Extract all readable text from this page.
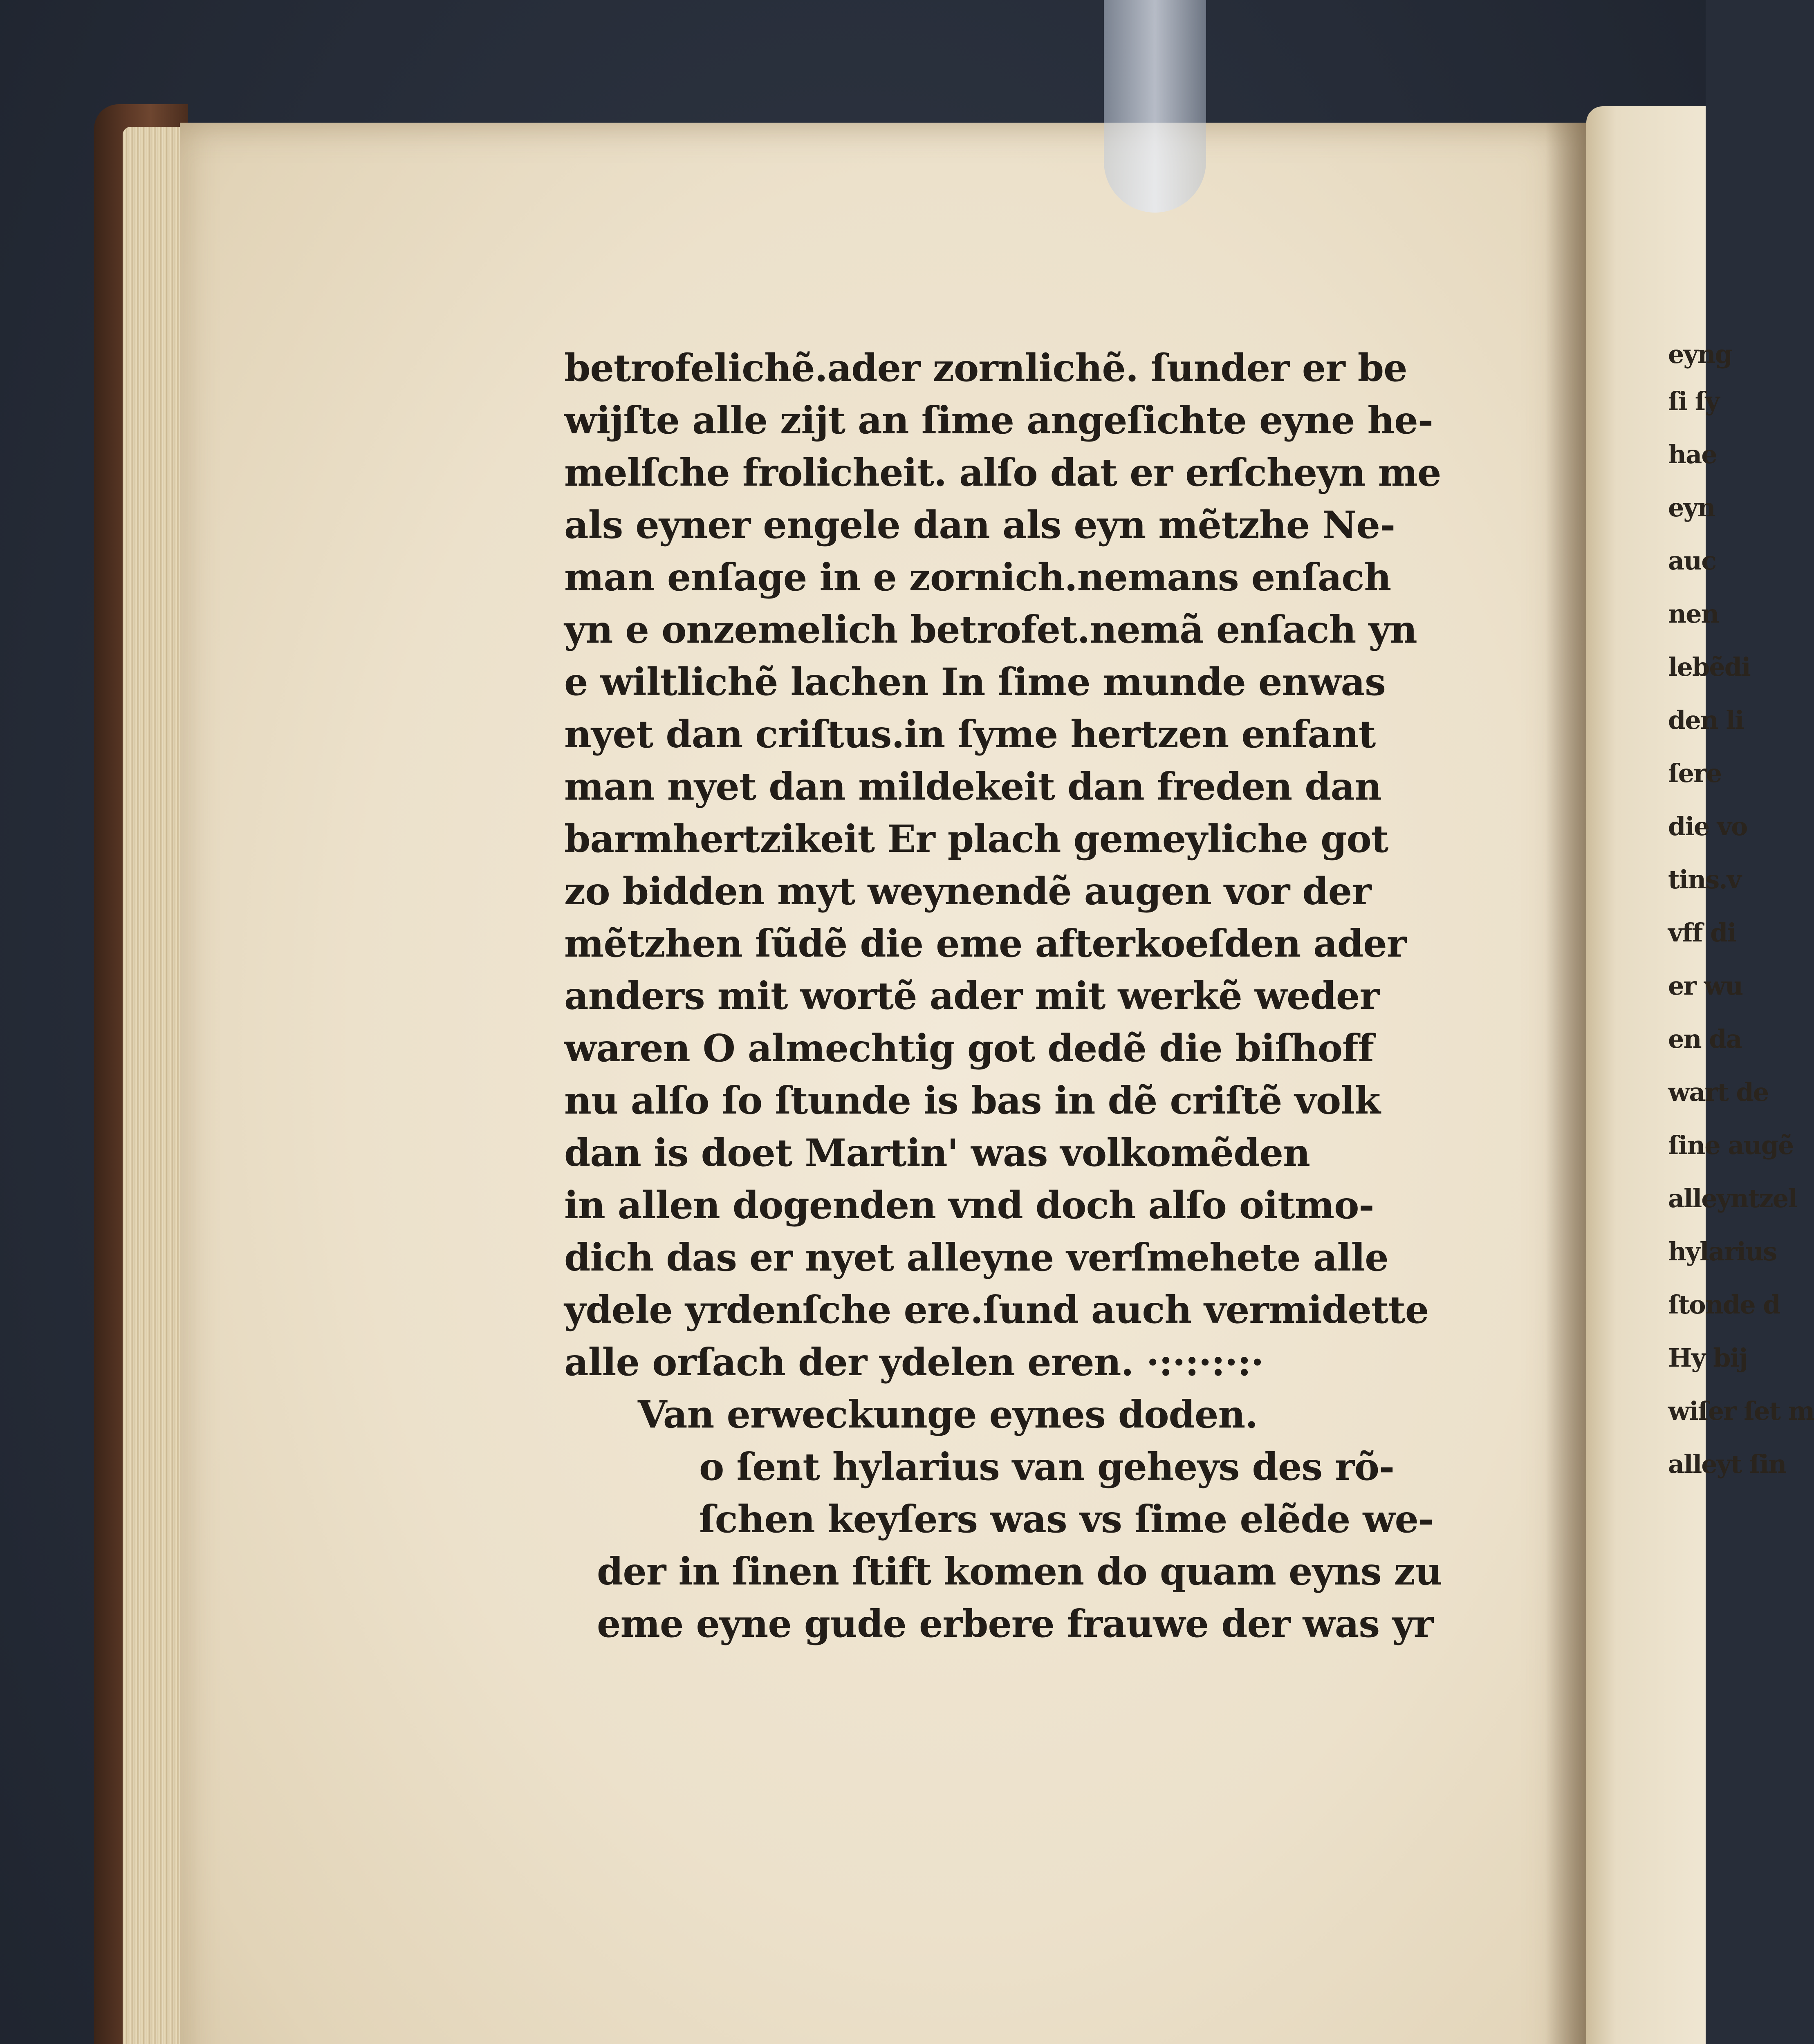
betrofelichẽ.ader zornlichẽ. ſunder er be
wijſte alle zijt an ſime angeſichte eyne he-
melſche frolicheit. alſo dat er erſcheyn me
als eyner engele dan als eyn mẽtzhe Ne-
man enſage in e zornich.nemans enſach
yn e onzemelich betrofet.nemã enſach yn
e wiltlichẽ lachen In ſime munde enwas
nyet dan criſtus.in ſyme hertzen enfant
man nyet dan mildekeit dan freden dan
barmhertzikeit Er plach gemeyliche got
zo bidden myt weynendẽ augen vor der
mẽtzhen ſũdẽ die eme afterkoeſden ader
anders mit wortẽ ader mit werkẽ weder
waren O almechtig got dedẽ die biſhoff
nu alſo ſo ſtunde is bas in dẽ criſtẽ volk
dan is doet Martin' was volkomẽden
in allen dogenden vnd doch alſo oitmo-
dich das er nyet alleyne verſmehete alle
ydele yrdenſche ere.ſund auch vermidette
alle orſach der ydelen eren. ·:·:·:·:·
Van erweckunge eynes doden.
o ſent hylarius van geheys des rõ-
ſchen keyſers was vs ſime elẽde we-
der in ſinen ſtift komen do quam eyns zu
eme eyne gude erbere frauwe der was yr
eyng
ſi ſy
hae
eyn
auc
nen
lebẽdi
den li
ſere
die vo
tins.v
vff di
er wu
en da
wart de
ſine augẽ
alleyntzel
hylarius
ſtonde d
Hy bij
wiſer ſet m
alleyt ſin
